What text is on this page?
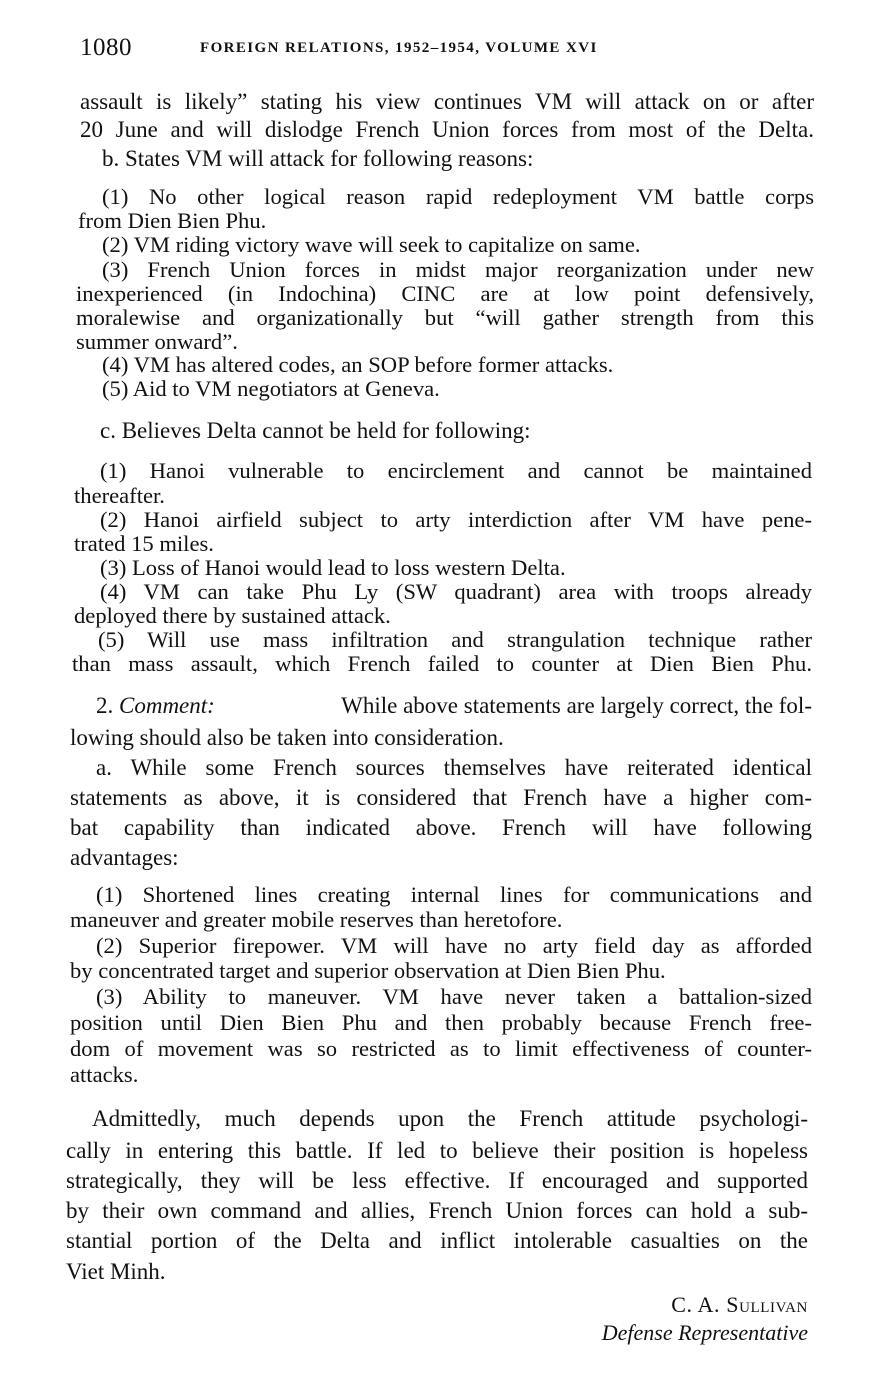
1080	FOREIGN RELATIONS, 1952–1954, VOLUME XVI
assault is likely” stating his view continues VM will attack on or after
20 June and will dislodge French Union forces from most of the Delta.
b. States VM will attack for following reasons:
(1) No other logical reason rapid redeployment VM battle corps
from Dien Bien Phu.
(2) VM riding victory wave will seek to capitalize on same.
(3) French Union forces in midst major reorganization under new
inexperienced (in Indochina) CINC are at low point defensively,
moralewise and organizationally but “will gather strength from this
summer onward”.
(4) VM has altered codes, an SOP before former attacks.
(5) Aid to VM negotiators at Geneva.
c. Believes Delta cannot be held for following:
(1) Hanoi vulnerable to encirclement and cannot be maintained
thereafter.
(2) Hanoi airfield subject to arty interdiction after VM have pene-
trated 15 miles.
(3) Loss of Hanoi would lead to loss western Delta.
(4) VM can take Phu Ly (SW quadrant) area with troops already
deployed there by sustained attack.
(5) Will use mass infiltration and strangulation technique rather
than mass assault, which French failed to counter at Dien Bien Phu.
2. Comment:	While above statements are largely correct, the fol-
lowing should also be taken into consideration.
a. While some French sources themselves have reiterated identical
statements as above, it is considered that French have a higher com-
bat capability than indicated above. French will have following
advantages:
(1) Shortened lines creating internal lines for communications and
maneuver and greater mobile reserves than heretofore.
(2) Superior firepower. VM will have no arty field day as afforded
by concentrated target and superior observation at Dien Bien Phu.
(3) Ability to maneuver. VM have never taken a battalion-sized
position until Dien Bien Phu and then probably because French free-
dom of movement was so restricted as to limit effectiveness of counter-
attacks.
Admittedly, much depends upon the French attitude psychologi-
cally in entering this battle. If led to believe their position is hopeless
strategically, they will be less effective. If encouraged and supported
by their own command and allies, French Union forces can hold a sub-
stantial portion of the Delta and inflict intolerable casualties on the
Viet Minh.
C. A. Sullivan
Defense Representative
